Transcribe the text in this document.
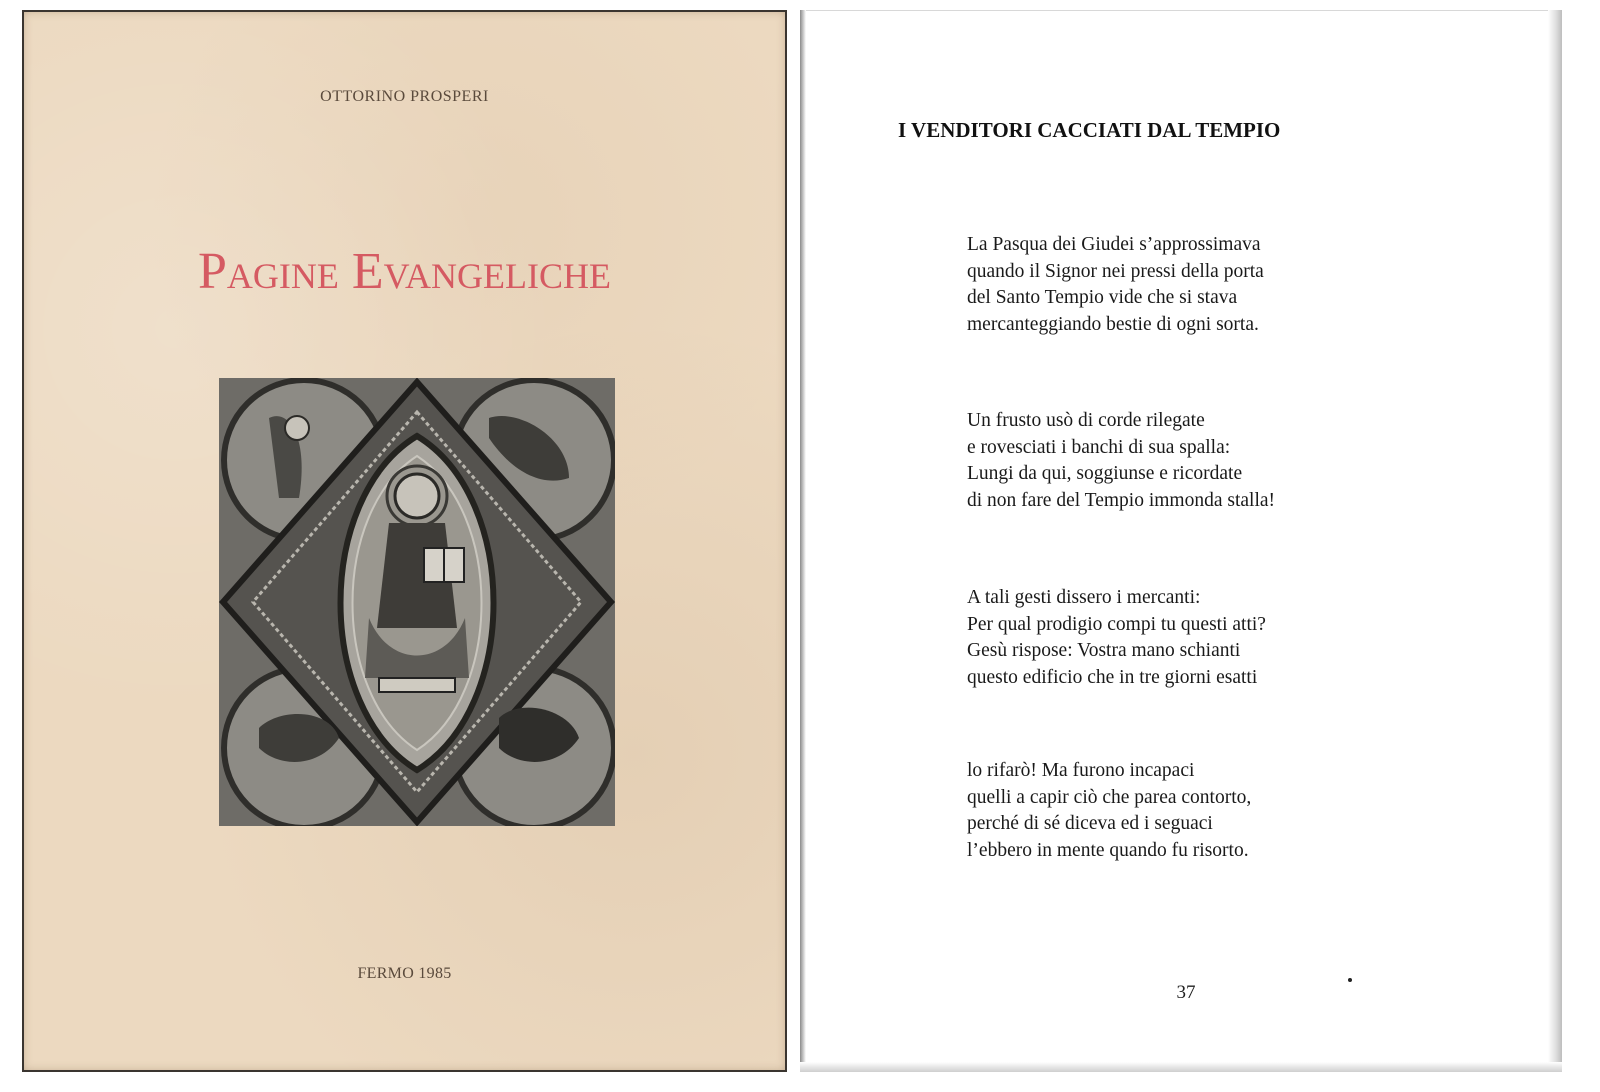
OTTORINO PROSPERI
Pagine Evangeliche
FERMO 1985
I VENDITORI CACCIATI DAL TEMPIO
La Pasqua dei Giudei s’approssimava
quando il Signor nei pressi della porta
del Santo Tempio vide che si stava
mercanteggiando bestie di ogni sorta.
Un frusto usò di corde rilegate
e rovesciati i banchi di sua spalla:
Lungi da qui, soggiunse e ricordate
di non fare del Tempio immonda stalla!
A tali gesti dissero i mercanti:
Per qual prodigio compi tu questi atti?
Gesù rispose: Vostra mano schianti
questo edificio che in tre giorni esatti
lo rifarò! Ma furono incapaci
quelli a capir ciò che parea contorto,
perché di sé diceva ed i seguaci
l’ebbero in mente quando fu risorto.
37
